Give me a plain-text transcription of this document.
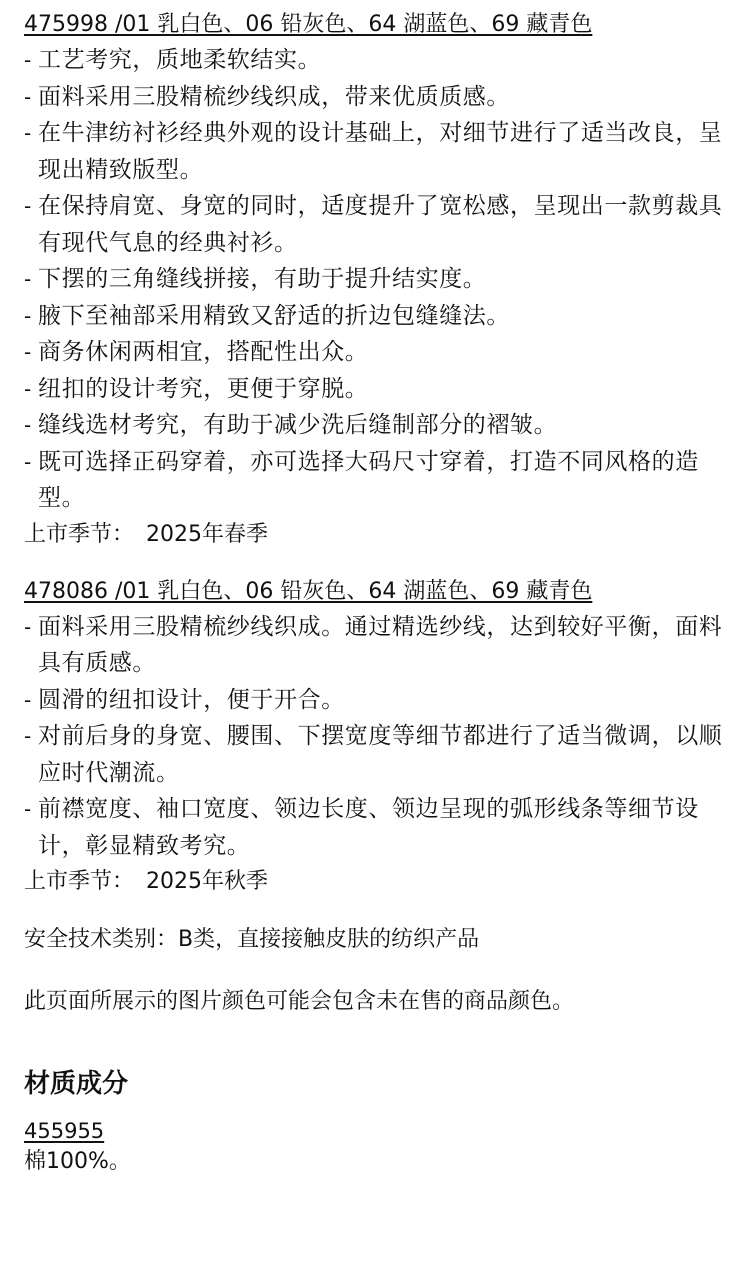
475998 /01 乳白色、06 铅灰色、64 湖蓝色、69 藏青色
- 工艺考究，质地柔软结实。
- 面料采用三股精梳纱线织成，带来优质质感。
- 在牛津纺衬衫经典外观的设计基础上，对细节进行了适当改良，呈现出精致版型。
- 在保持肩宽、身宽的同时，适度提升了宽松感，呈现出一款剪裁具有现代气息的经典衬衫。
- 下摆的三角缝线拼接，有助于提升结实度。
- 腋下至袖部采用精致又舒适的折边包缝缝法。
- 商务休闲两相宜，搭配性出众。
- 纽扣的设计考究，更便于穿脱。
- 缝线选材考究，有助于减少洗后缝制部分的褶皱。
- 既可选择正码穿着，亦可选择大码尺寸穿着，打造不同风格的造型。
上市季节： 2025年春季
478086 /01 乳白色、06 铅灰色、64 湖蓝色、69 藏青色
- 面料采用三股精梳纱线织成。通过精选纱线，达到较好平衡，面料具有质感。
- 圆滑的纽扣设计，便于开合。
- 对前后身的身宽、腰围、下摆宽度等细节都进行了适当微调，以顺应时代潮流。
- 前襟宽度、袖口宽度、领边长度、领边呈现的弧形线条等细节设计，彰显精致考究。
上市季节： 2025年秋季
安全技术类别：B类，直接接触皮肤的纺织产品
此页面所展示的图片颜色可能会包含未在售的商品颜色。
材质成分
455955
棉100%。
